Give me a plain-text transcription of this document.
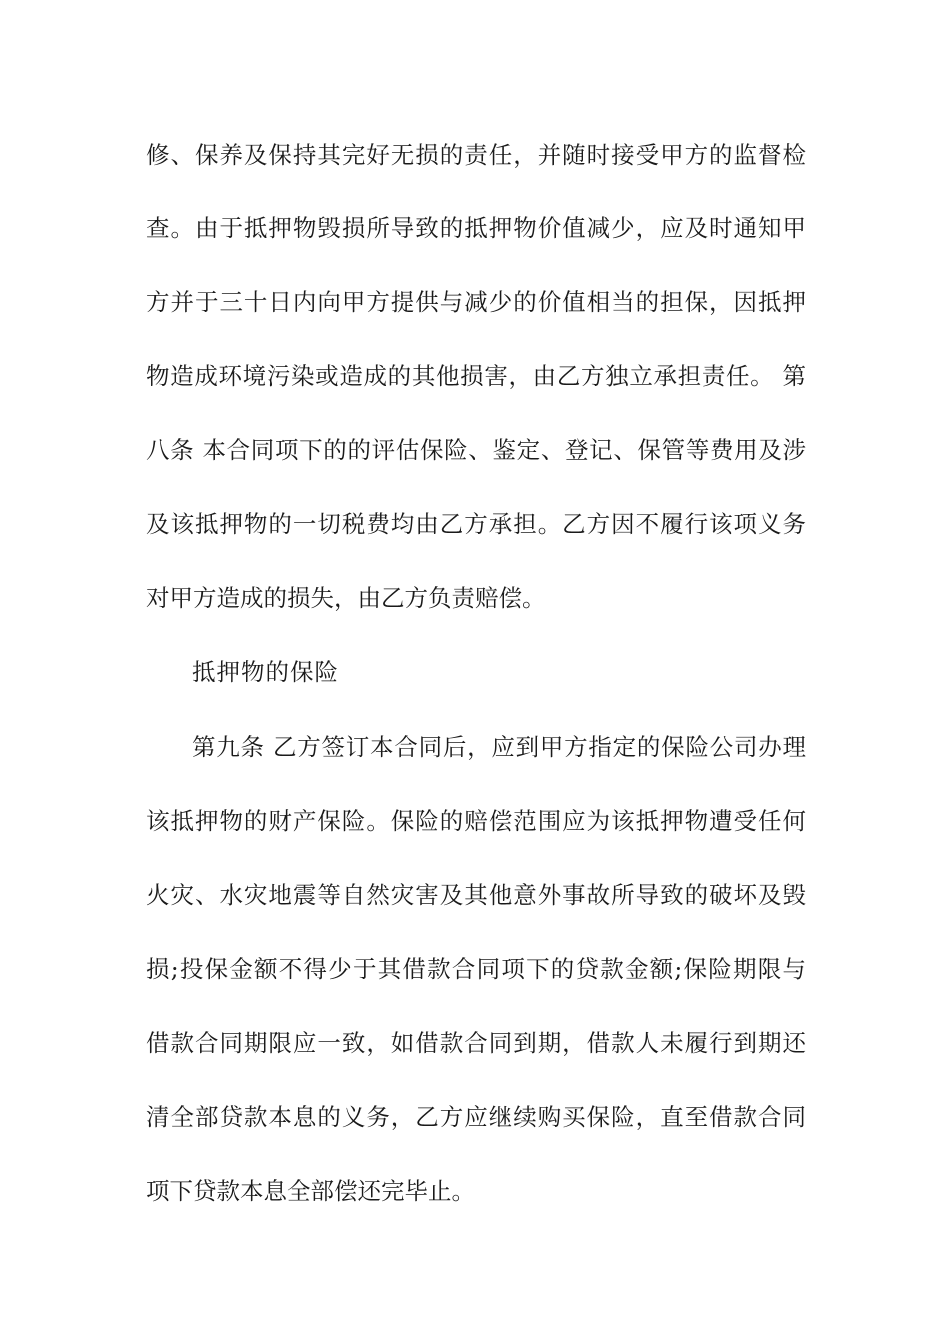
修、保养及保持其完好无损的责任，并随时接受甲方的监督检
查。由于抵押物毁损所导致的抵押物价值减少，应及时通知甲
方并于三十日内向甲方提供与减少的价值相当的担保，因抵押
物造成环境污染或造成的其他损害，由乙方独立承担责任。 第
八条 本合同项下的的评估保险、鉴定、登记、保管等费用及涉
及该抵押物的一切税费均由乙方承担。乙方因不履行该项义务
对甲方造成的损失，由乙方负责赔偿。
抵押物的保险
第九条 乙方签订本合同后，应到甲方指定的保险公司办理
该抵押物的财产保险。保险的赔偿范围应为该抵押物遭受任何
火灾、水灾地震等自然灾害及其他意外事故所导致的破坏及毁
损;投保金额不得少于其借款合同项下的贷款金额;保险期限与
借款合同期限应一致，如借款合同到期，借款人未履行到期还
清全部贷款本息的义务，乙方应继续购买保险，直至借款合同
项下贷款本息全部偿还完毕止。
